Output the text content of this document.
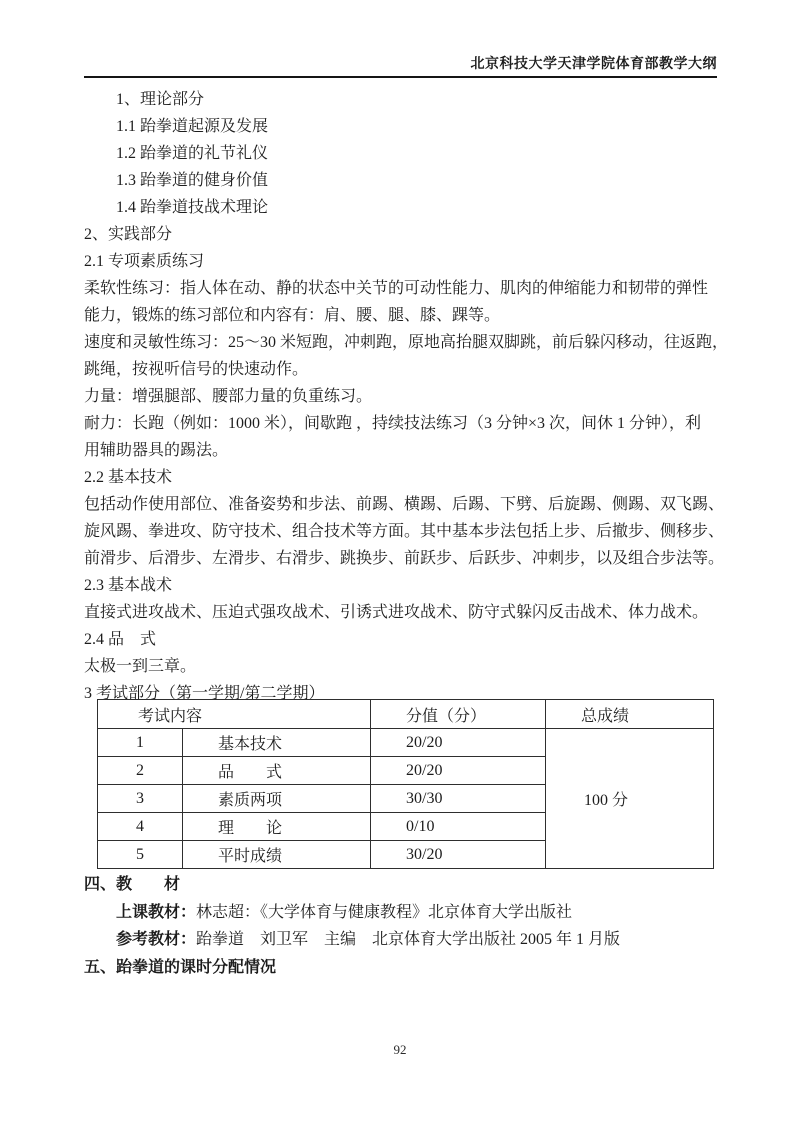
北京科技大学天津学院体育部教学大纲

1、理论部分

1.1 跆拳道起源及发展

1.2 跆拳道的礼节礼仪

1.3 跆拳道的健身价值

1.4 跆拳道技战术理论

2、实践部分

2.1 专项素质练习

柔软性练习：指人体在动、静的状态中关节的可动性能力、肌肉的伸缩能力和韧带的弹性

能力，锻炼的练习部位和内容有：肩、腰、腿、膝、踝等。

速度和灵敏性练习：25～30 米短跑，冲刺跑，原地高抬腿双脚跳，前后躲闪移动，往返跑，

跳绳，按视听信号的快速动作。

力量：增强腿部、腰部力量的负重练习。

耐力：长跑（例如：1000 米），间歇跑 ，持续技法练习（3 分钟×3 次，间休 1 分钟），利

用辅助器具的踢法。

2.2 基本技术

包括动作使用部位、准备姿势和步法、前踢、横踢、后踢、下劈、后旋踢、侧踢、双飞踢、

旋风踢、拳进攻、防守技术、组合技术等方面。其中基本步法包括上步、后撤步、侧移步、

前滑步、后滑步、左滑步、右滑步、跳换步、前跃步、后跃步、冲刺步，以及组合步法等。

2.3 基本战术

直接式进攻战术、压迫式强攻战术、引诱式进攻战术、防守式躲闪反击战术、体力战术。

2.4 品　式

太极一到三章。

3 考试部分（第一学期/第二学期）

考试内容		分值（分）	总成绩
1	基本技术	20/20	100 分
2	品　　式	20/20	
3	素质两项	30/30	
4	理　　论	0/10	
5	平时成绩	30/20	

四、教　　材

上课教材：林志超：《大学体育与健康教程》北京体育大学出版社

参考教材：跆拳道　刘卫军　主编　北京体育大学出版社 2005 年 1 月版

五、跆拳道的课时分配情况

92
